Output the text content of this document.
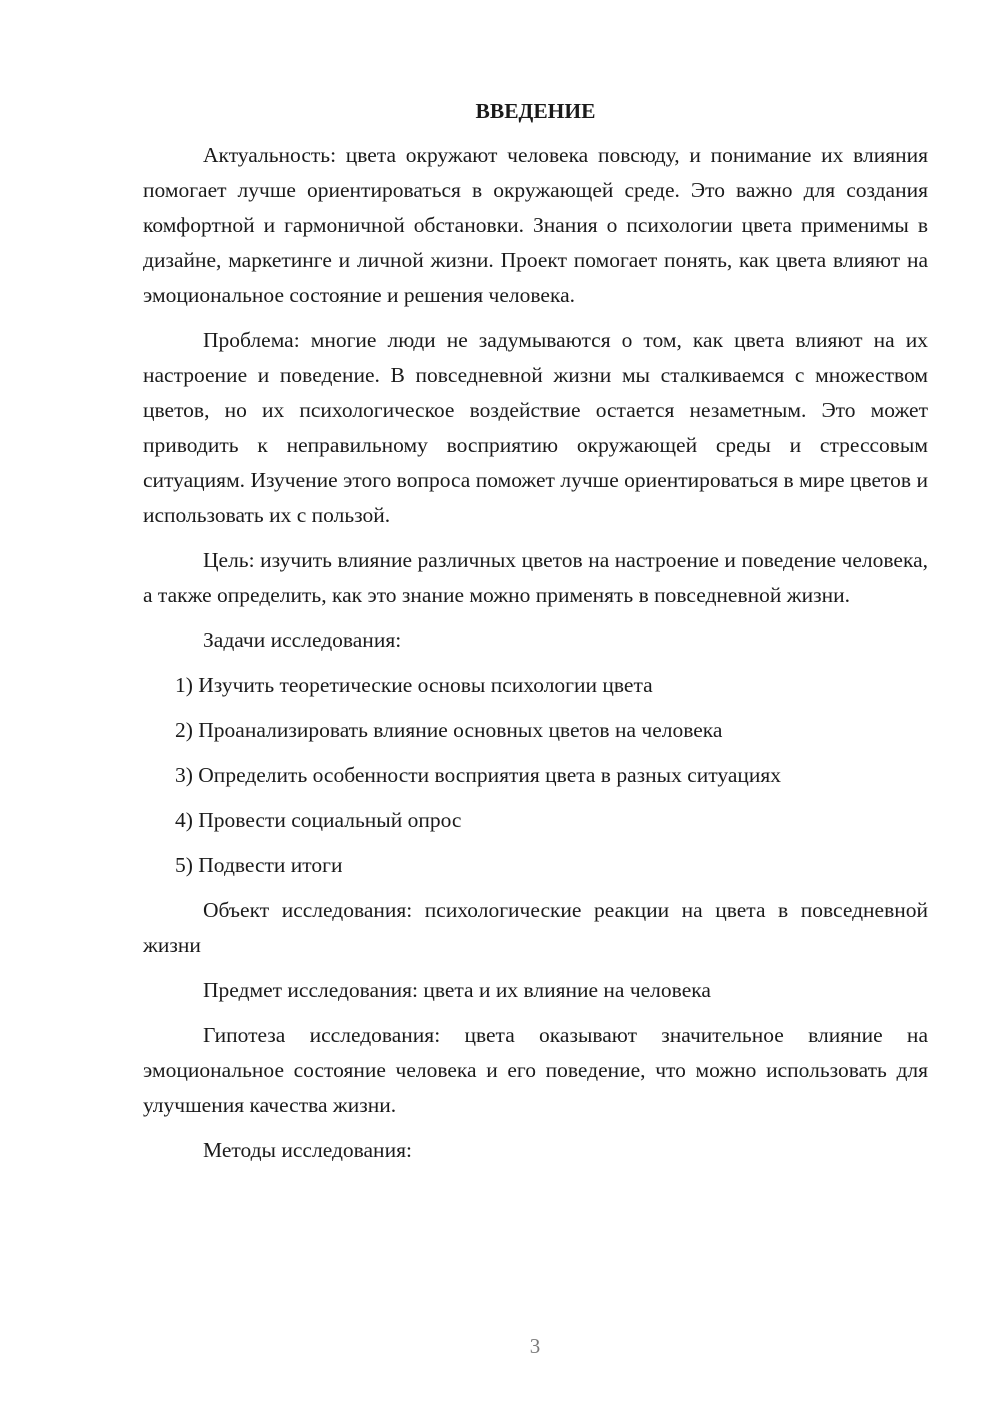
ВВЕДЕНИЕ

Актуальность: цвета окружают человека повсюду, и понимание их влияния помогает лучше ориентироваться в окружающей среде. Это важно для создания комфортной и гармоничной обстановки. Знания о психологии цвета применимы в дизайне, маркетинге и личной жизни. Проект помогает понять, как цвета влияют на эмоциональное состояние и решения человека.

Проблема: многие люди не задумываются о том, как цвета влияют на их настроение и поведение. В повседневной жизни мы сталкиваемся с множеством цветов, но их психологическое воздействие остается незаметным. Это может приводить к неправильному восприятию окружающей среды и стрессовым ситуациям. Изучение этого вопроса поможет лучше ориентироваться в мире цветов и использовать их с пользой.

Цель: изучить влияние различных цветов на настроение и поведение человека, а также определить, как это знание можно применять в повседневной жизни.

Задачи исследования:

1) Изучить теоретические основы психологии цвета
2) Проанализировать влияние основных цветов на человека
3) Определить особенности восприятия цвета в разных ситуациях
4) Провести социальный опрос
5) Подвести итоги

Объект исследования: психологические реакции на цвета в повседневной жизни

Предмет исследования: цвета и их влияние на человека

Гипотеза исследования: цвета оказывают значительное влияние на эмоциональное состояние человека и его поведение, что можно использовать для улучшения качества жизни.

Методы исследования:

3
